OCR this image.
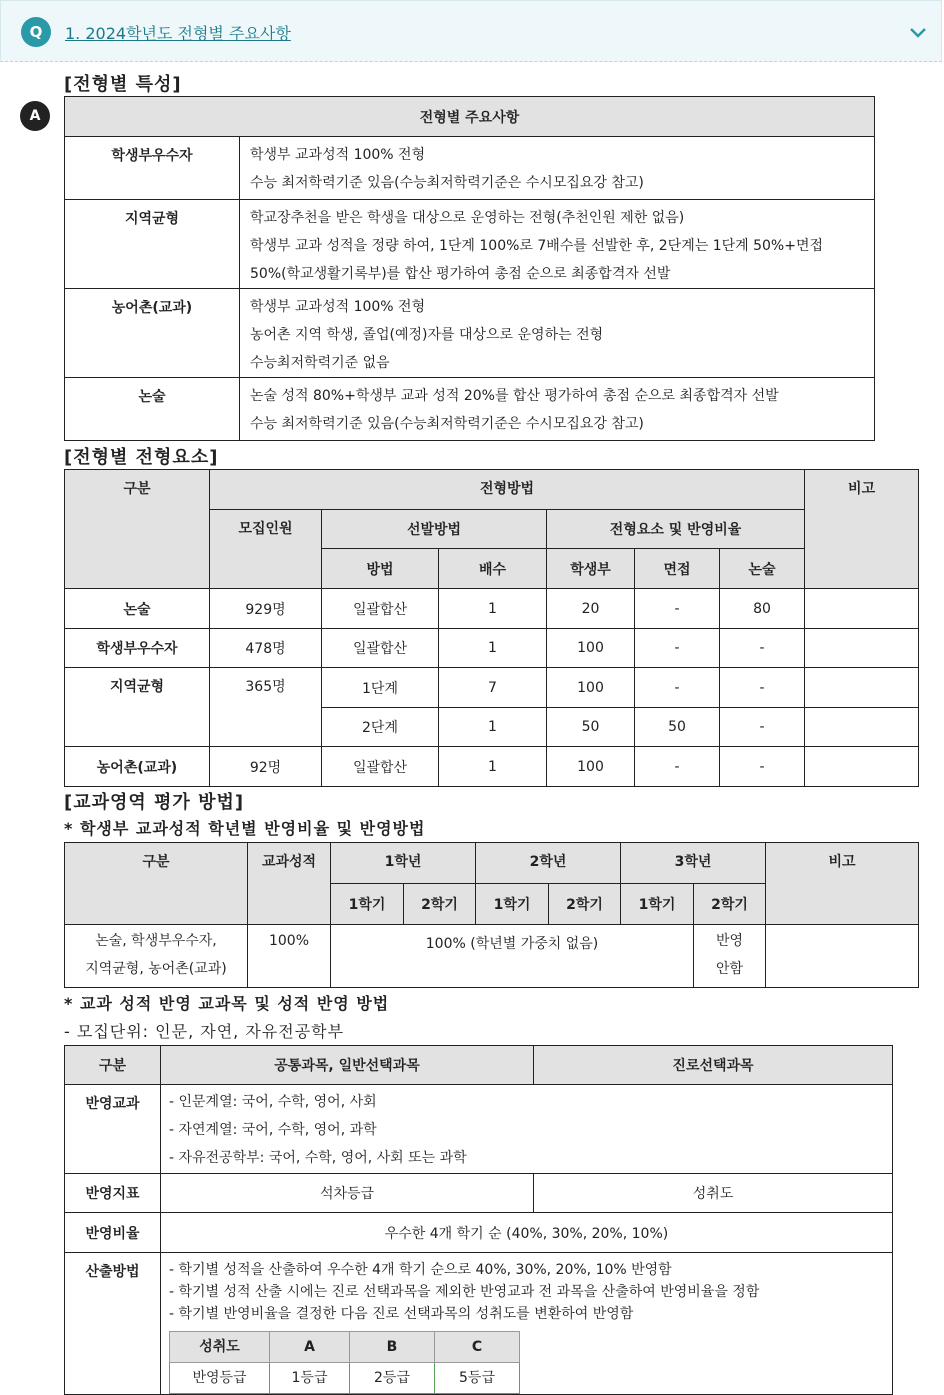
Q	1. 2024학년도 전형별 주요사항
A
[전형별 특성]
전형별 주요사항	
학생부우수자	학생부 교과성적 100% 전형
수능 최저학력기준 있음(수능최저학력기준은 수시모집요강 참고)

지역균형	학교장추천을 받은 학생을 대상으로 운영하는 전형(추천인원 제한 없음)
학생부 교과 성적을 정량 하여, 1단계 100%로 7배수를 선발한 후, 2단계는 1단계 50%+면접
50%(학교생활기록부)를 합산 평가하여 총점 순으로 최종합격자 선발

농어촌(교과)	학생부 교과성적 100% 전형
농어촌 지역 학생, 졸업(예정)자를 대상으로 운영하는 전형
수능최저학력기준 없음

논술	논술 성적 80%+학생부 교과 성적 20%를 합산 평가하여 총점 순으로 최종합격자 선발
수능 최저학력기준 있음(수능최저학력기준은 수시모집요강 참고)
[전형별 전형요소]
구분	전형방법						비고
	모집인원	선발방법		전형요소 및 반영비율			
		방법	배수	학생부	면접	논술	
논술	929명	일괄합산	1	20	-	80	
학생부우수자	478명	일괄합산	1	100	-	-	
지역균형	365명	1단계	7	100	-	-	
		2단계	1	50	50	-	
농어촌(교과)	92명	일괄합산	1	100	-	-	
[교과영역 평가 방법]
* 학생부 교과성적 학년별 반영비율 및 반영방법
구분	교과성적	1학년		2학년		3학년		비고
		1학기	2학기	1학기	2학기	1학기	2학기	

논술, 학생부우수자,
지역균형, 농어촌(교과)	100%	100% (학년별 가중치 없음)					반영
안함	

* 교과 성적 반영 교과목 및 성적 반영 방법
- 모집단위: 인문, 자연, 자유전공학부
구분	공통과목, 일반선택과목	진로선택과목
반영교과	- 인문계열: 국어, 수학, 영어, 사회
- 자연계열: 국어, 수학, 영어, 과학
- 자유전공학부: 국어, 수학, 영어, 사회 또는 과학

반영지표	석차등급	성취도
반영비율	우수한 4개 학기 순 (40%, 30%, 20%, 10%)
산출방법	- 학기별 성적을 산출하여 우수한 4개 학기 순으로 40%, 30%, 20%, 10% 반영함
- 학기별 성적 산출 시에는 진로 선택과목을 제외한 반영교과 전 과목을 산출하여 반영비율을 정함
- 학기별 반영비율을 결정한 다음 진로 선택과목의 성취도를 변환하여 반영함
성취도	A	B	C
반영등급	1등급	2등급	5등급
